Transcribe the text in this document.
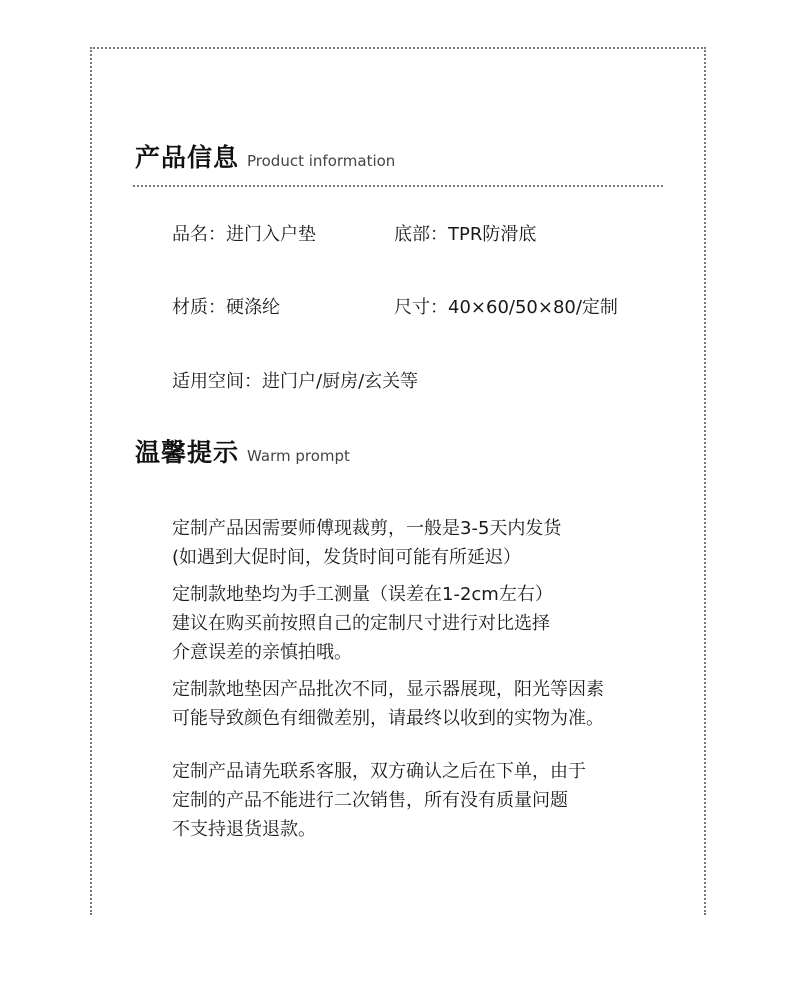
产品信息 Product information
品名：进门入户垫	底部：TPR防滑底
材质：硬涤纶	尺寸：40×60/50×80/定制
适用空间：进门户/厨房/玄关等
温馨提示 Warm prompt
定制产品因需要师傅现裁剪，一般是3-5天内发货
(如遇到大促时间，发货时间可能有所延迟）
定制款地垫均为手工测量（误差在1-2cm左右）
建议在购买前按照自己的定制尺寸进行对比选择
介意误差的亲慎拍哦。
定制款地垫因产品批次不同，显示器展现，阳光等因素
可能导致颜色有细微差别，请最终以收到的实物为准。
定制产品请先联系客服，双方确认之后在下单，由于
定制的产品不能进行二次销售，所有没有质量问题
不支持退货退款。
